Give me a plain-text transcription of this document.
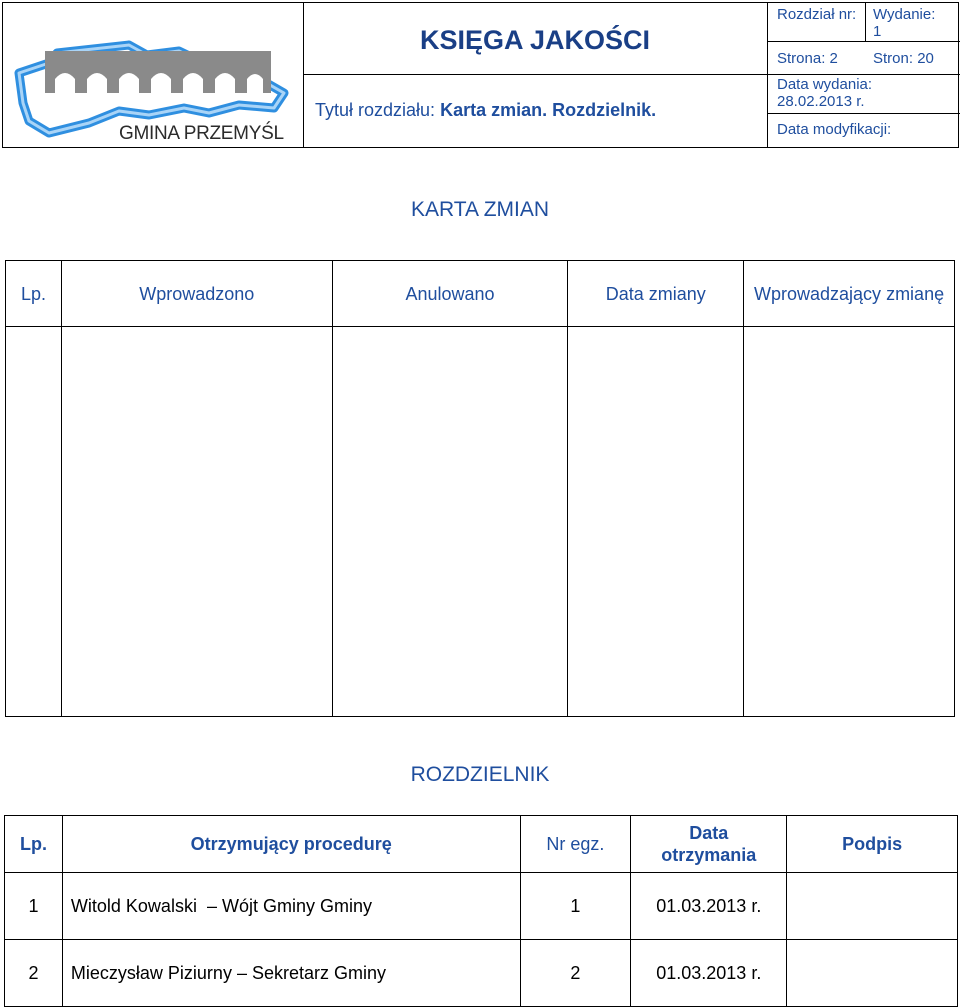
GMINA PRZEMYŚL
KSIĘGA JAKOŚCI
Tytuł rozdziału: Karta zmian. Rozdzielnik.
Rozdział nr: Wydanie:
1
Strona: 2 Stron: 20
Data wydania:
28.02.2013 r.
Data modyfikacji:
KARTA ZMIAN
Lp.	Wprowadzono	Anulowano	Data zmiany	Wprowadzający zmianę

ROZDZIELNIK
Lp.	Otrzymujący procedurę	Nr egz.	Data otrzymania	Podpis
1	Witold Kowalski  – Wójt Gminy Gminy	1	01.03.2013 r.	
2	Mieczysław Piziurny – Sekretarz Gminy	2	01.03.2013 r.	
